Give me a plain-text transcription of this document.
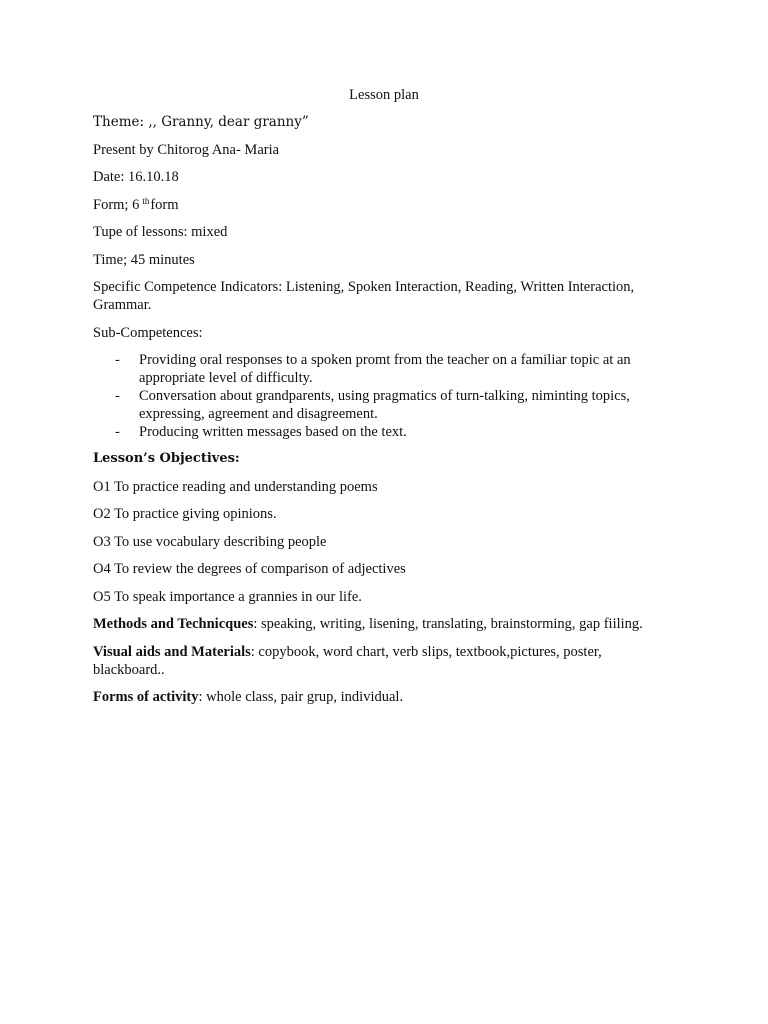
Lesson plan
Theme: ,, Granny, dear granny”
Present by Chitorog Ana- Maria
Date: 16.10.18
Form; 6 $^{th}$form
Tupe of lessons: mixed
Time; 45 minutes
Specific Competence Indicators: Listening, Spoken Interaction, Reading, Written Interaction, Grammar.
Sub-Competences:
- Providing oral responses to a spoken promt from the teacher on a familiar topic at an appropriate level of difficulty.
- Conversation about grandparents, using pragmatics of turn-talking, niminting topics, expressing, agreement and disagreement.
- Producing written messages based on the text.
Lesson’s Objectives:
O1 To practice reading and understanding poems
O2 To practice giving opinions.
O3 To use vocabulary describing people
O4 To review the degrees of comparison of adjectives
O5 To speak importance a grannies in our life.
Methods and Technicques: speaking, writing, lisening, translating, brainstorming, gap fiiling.
Visual aids and Materials: copybook, word chart, verb slips, textbook,pictures, poster, blackboard..
Forms of activity: whole class, pair grup, individual.
